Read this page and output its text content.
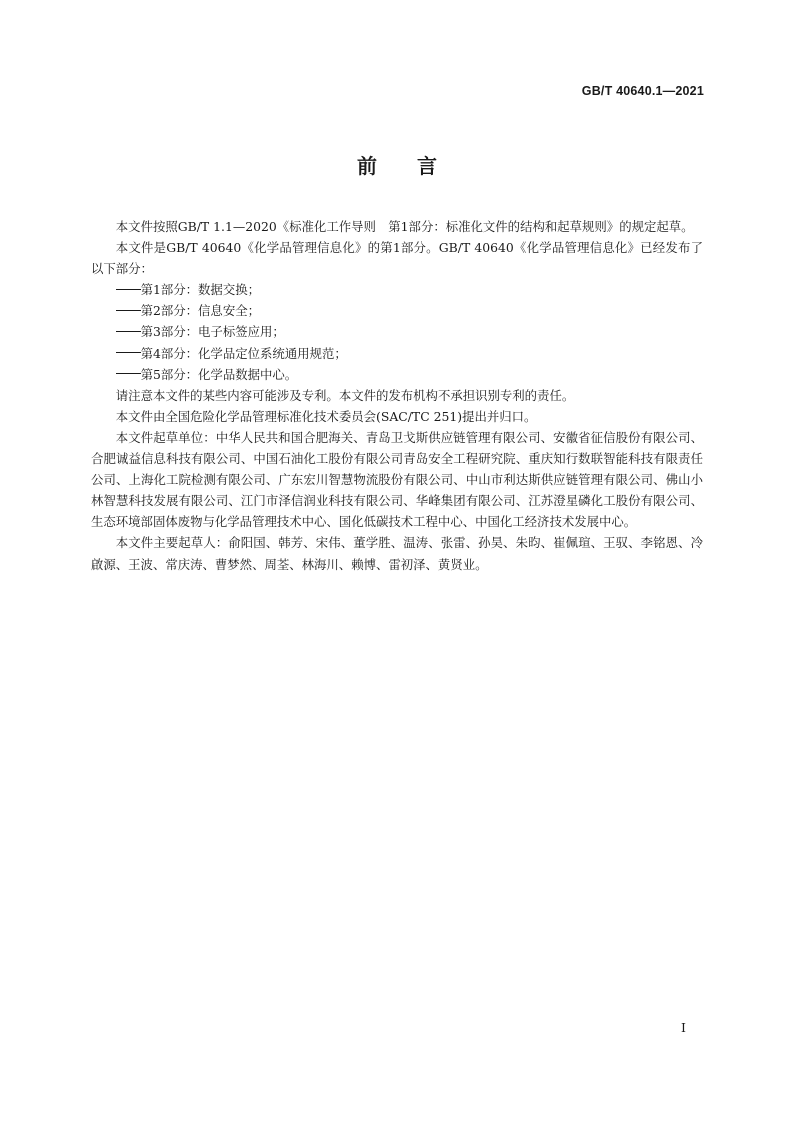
GB/T 40640.1—2021
前 言

本文件按照GB/T 1.1—2020《标准化工作导则　第1部分：标准化文件的结构和起草规则》的规定起草。

本文件是GB/T 40640《化学品管理信息化》的第1部分。GB/T 40640《化学品管理信息化》已经发布了以下部分：

第1部分：数据交换；

第2部分：信息安全；

第3部分：电子标签应用；

第4部分：化学品定位系统通用规范；

第5部分：化学品数据中心。

请注意本文件的某些内容可能涉及专利。本文件的发布机构不承担识别专利的责任。

本文件由全国危险化学品管理标准化技术委员会(SAC/TC 251)提出并归口。

本文件起草单位：中华人民共和国合肥海关、青岛卫戈斯供应链管理有限公司、安徽省征信股份有限公司、合肥诚益信息科技有限公司、中国石油化工股份有限公司青岛安全工程研究院、重庆知行数联智能科技有限责任公司、上海化工院检测有限公司、广东宏川智慧物流股份有限公司、中山市利达斯供应链管理有限公司、佛山小林智慧科技发展有限公司、江门市泽信润业科技有限公司、华峰集团有限公司、江苏澄星磷化工股份有限公司、生态环境部固体废物与化学品管理技术中心、国化低碳技术工程中心、中国化工经济技术发展中心。

本文件主要起草人：俞阳国、韩芳、宋伟、董学胜、温涛、张雷、孙昊、朱昀、崔佩瑄、王驭、李铭恩、冷啟源、王波、常庆涛、曹梦然、周荃、林海川、赖博、雷初泽、黄贤业。

I
